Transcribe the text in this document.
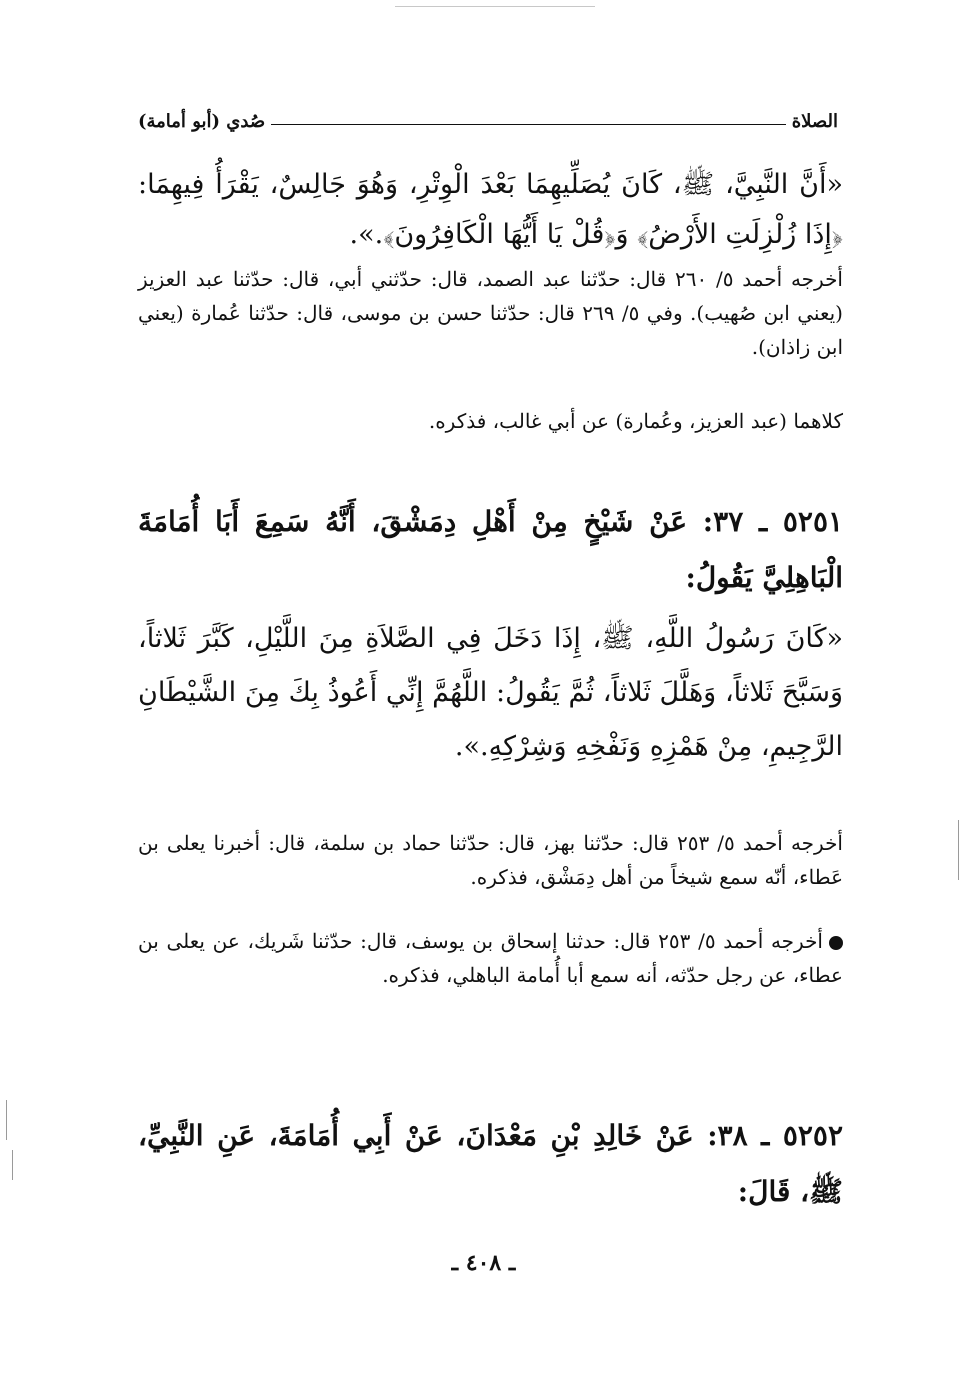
الصلاة
صُدي (أبو أمامة)

«أَنَّ النَّبِيَّ، ﷺ، كَانَ يُصَلِّيهِمَا بَعْدَ الْوِتْرِ، وَهُوَ جَالِسٌ، يَقْرَأُ فِيهِمَا: ﴿إِذَا زُلْزِلَتِ الأَرْضُ﴾ وَ﴿قُلْ يَا أَيُّهَا الْكَافِرُونَ﴾.».

أخرجه أحمد ٥/ ٢٦٠ قال: حدّثنا عبد الصمد، قال: حدّثني أبي، قال: حدّثنا عبد العزيز (يعني ابن صُهيب). وفي ٥/ ٢٦٩ قال: حدّثنا حسن بن موسى، قال: حدّثنا عُمارة (يعني ابن زاذان).

كلاهما (عبد العزيز، وعُمارة) عن أبي غالب، فذكره.

٥٢٥١ ـ ٣٧: عَنْ شَيْخٍ مِنْ أَهْلِ دِمَشْقَ، أَنَّهُ سَمِعَ أَبَا أُمَامَةَ الْبَاهِلِيَّ يَقُولُ:

«كَانَ رَسُولُ اللَّهِ، ﷺ، إِذَا دَخَلَ فِي الصَّلاَةِ مِنَ اللَّيْلِ، كَبَّرَ ثَلاثاً، وَسَبَّحَ ثَلاثاً، وَهَلَّلَ ثَلاثاً، ثُمَّ يَقُولُ: اللَّهُمَّ إِنِّي أَعُوذُ بِكَ مِنَ الشَّيْطَانِ الرَّجِيمِ، مِنْ هَمْزِهِ وَنَفْخِهِ وَشِرْكِهِ.».

أخرجه أحمد ٥/ ٢٥٣ قال: حدّثنا بهز، قال: حدّثنا حماد بن سلمة، قال: أخبرنا يعلى بن عَطاء، أنّه سمع شيخاً من أهل دِمَشْق، فذكره.

أخرجه أحمد ٥/ ٢٥٣ قال: حدثنا إسحاق بن يوسف، قال: حدّثنا شَريك، عن يعلى بن عطاء، عن رجل حدّثه، أنه سمع أبا أُمامة الباهلي، فذكره.

٥٢٥٢ ـ ٣٨: عَنْ خَالِدِ بْنِ مَعْدَانَ، عَنْ أَبِي أُمَامَةَ، عَنِ النَّبِيِّ، ﷺ، قَالَ:

ـ ٤٠٨ ـ
